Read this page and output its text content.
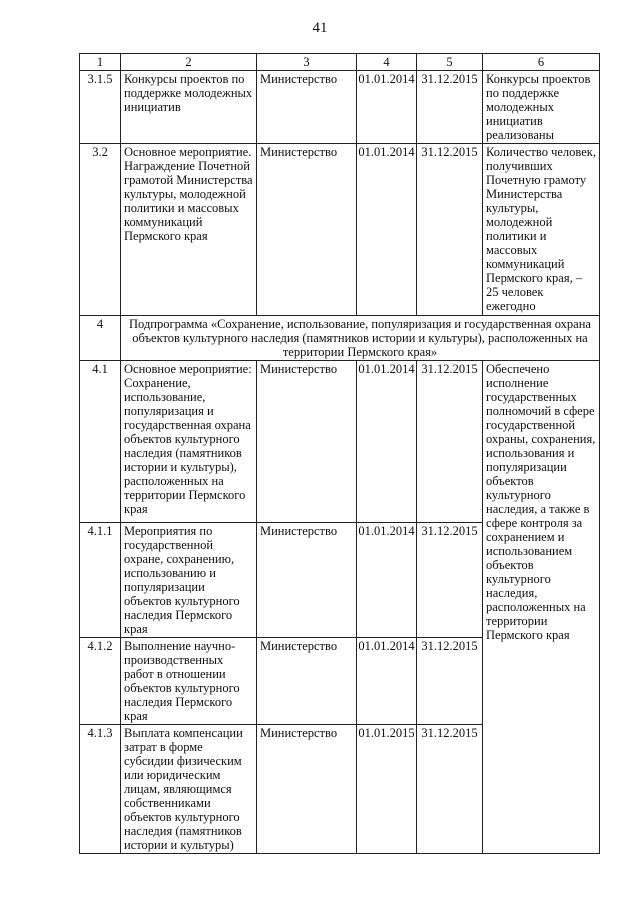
41
1	2	3	4	5	6
3.1.5	Конкурсы проектов по поддержке молодежных инициатив	Министерство	01.01.2014	31.12.2015	Конкурсы проектов по поддержке молодежных инициатив реализованы
3.2	Основное мероприятие. Награждение Почетной грамотой Министерства культуры, молодежной политики и массовых коммуникаций Пермского края	Министерство	01.01.2014	31.12.2015	Количество человек, получивших Почетную грамоту Министерства культуры, молодежной политики и массовых коммуникаций Пермского края, – 25 человек ежегодно
4	Подпрограмма «Сохранение, использование, популяризация и государственная охрана объектов культурного наследия (памятников истории и культуры), расположенных на территории Пермского края»				
4.1	Основное мероприятие: Сохранение, использование, популяризация и государственная охрана объектов культурного наследия (памятников истории и культуры), расположенных на территории Пермского края	Министерство	01.01.2014	31.12.2015	Обеспечено исполнение государственных полномочий в сфере государственной охраны, сохранения, использования и популяризации объектов культурного наследия, а также в сфере контроля за сохранением и использованием объектов культурного наследия, расположенных на территории Пермского края
4.1.1	Мероприятия по государственной охране, сохранению, использованию и популяризации объектов культурного наследия Пермского края	Министерство	01.01.2014	31.12.2015	
4.1.2	Выполнение научно-производственных работ в отношении объектов культурного наследия Пермского края	Министерство	01.01.2014	31.12.2015	
4.1.3	Выплата компенсации затрат в форме субсидии физическим или юридическим лицам, являющимся собственниками объектов культурного наследия (памятников истории и культуры)	Министерство	01.01.2015	31.12.2015	
